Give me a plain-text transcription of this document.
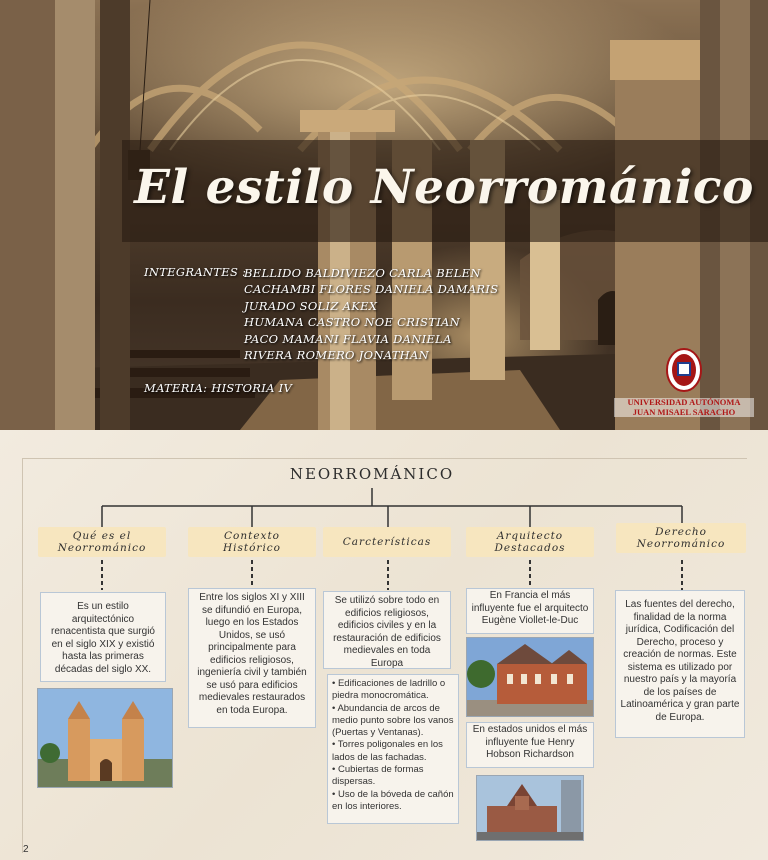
El estilo Neorrománico
INTEGRANTES :
BELLIDO BALDIVIEZO CARLA BELEN
CACHAMBI FLORES DANIELA DAMARIS
JURADO SOLIZ AKEX
HUMANA CASTRO NOE CRISTIAN
PACO MAMANI FLAVIA DANIELA
RIVERA ROMERO JONATHAN
MATERIA: HISTORIA IV
UNIVERSIDAD AUTÓNOMA
JUAN MISAEL SARACHO
NEORROMÁNICO
Qué es el
Neorrománico
Contexto
Histórico	Carcterísticas	Arquitecto
Destacados
Derecho
Neorrománico
Es un estilo arquitectónico renacentista que surgió en el siglo XIX y existió hasta las primeras décadas del siglo XX.
Entre los siglos XI y XIII se difundió en Europa, luego en los Estados Unidos, se usó principalmente para edificios religiosos, ingeniería civil y también se usó para edificios medievales restaurados en toda Europa.
Se utilizó sobre todo en edificios religiosos, edificios civiles y en la restauración de edificios medievales en toda Europa
• Edificaciones de ladrillo o piedra monocromática.
• Abundancia de arcos de medio punto sobre los vanos (Puertas y Ventanas).
• Torres poligonales en los lados de las fachadas.
• Cubiertas de formas dispersas.
• Uso de la bóveda de cañón en los interiores.
En Francia el más influyente fue el arquitecto Eugène Viollet-le-Duc
En estados unidos el más influyente fue Henry Hobson Richardson
Las fuentes del derecho, finalidad de la norma jurídica, Codificación del Derecho, proceso y creación de normas. Este sistema es utilizado por nuestro país y la mayoría de los países de Latinoamérica y gran parte de Europa.
2
